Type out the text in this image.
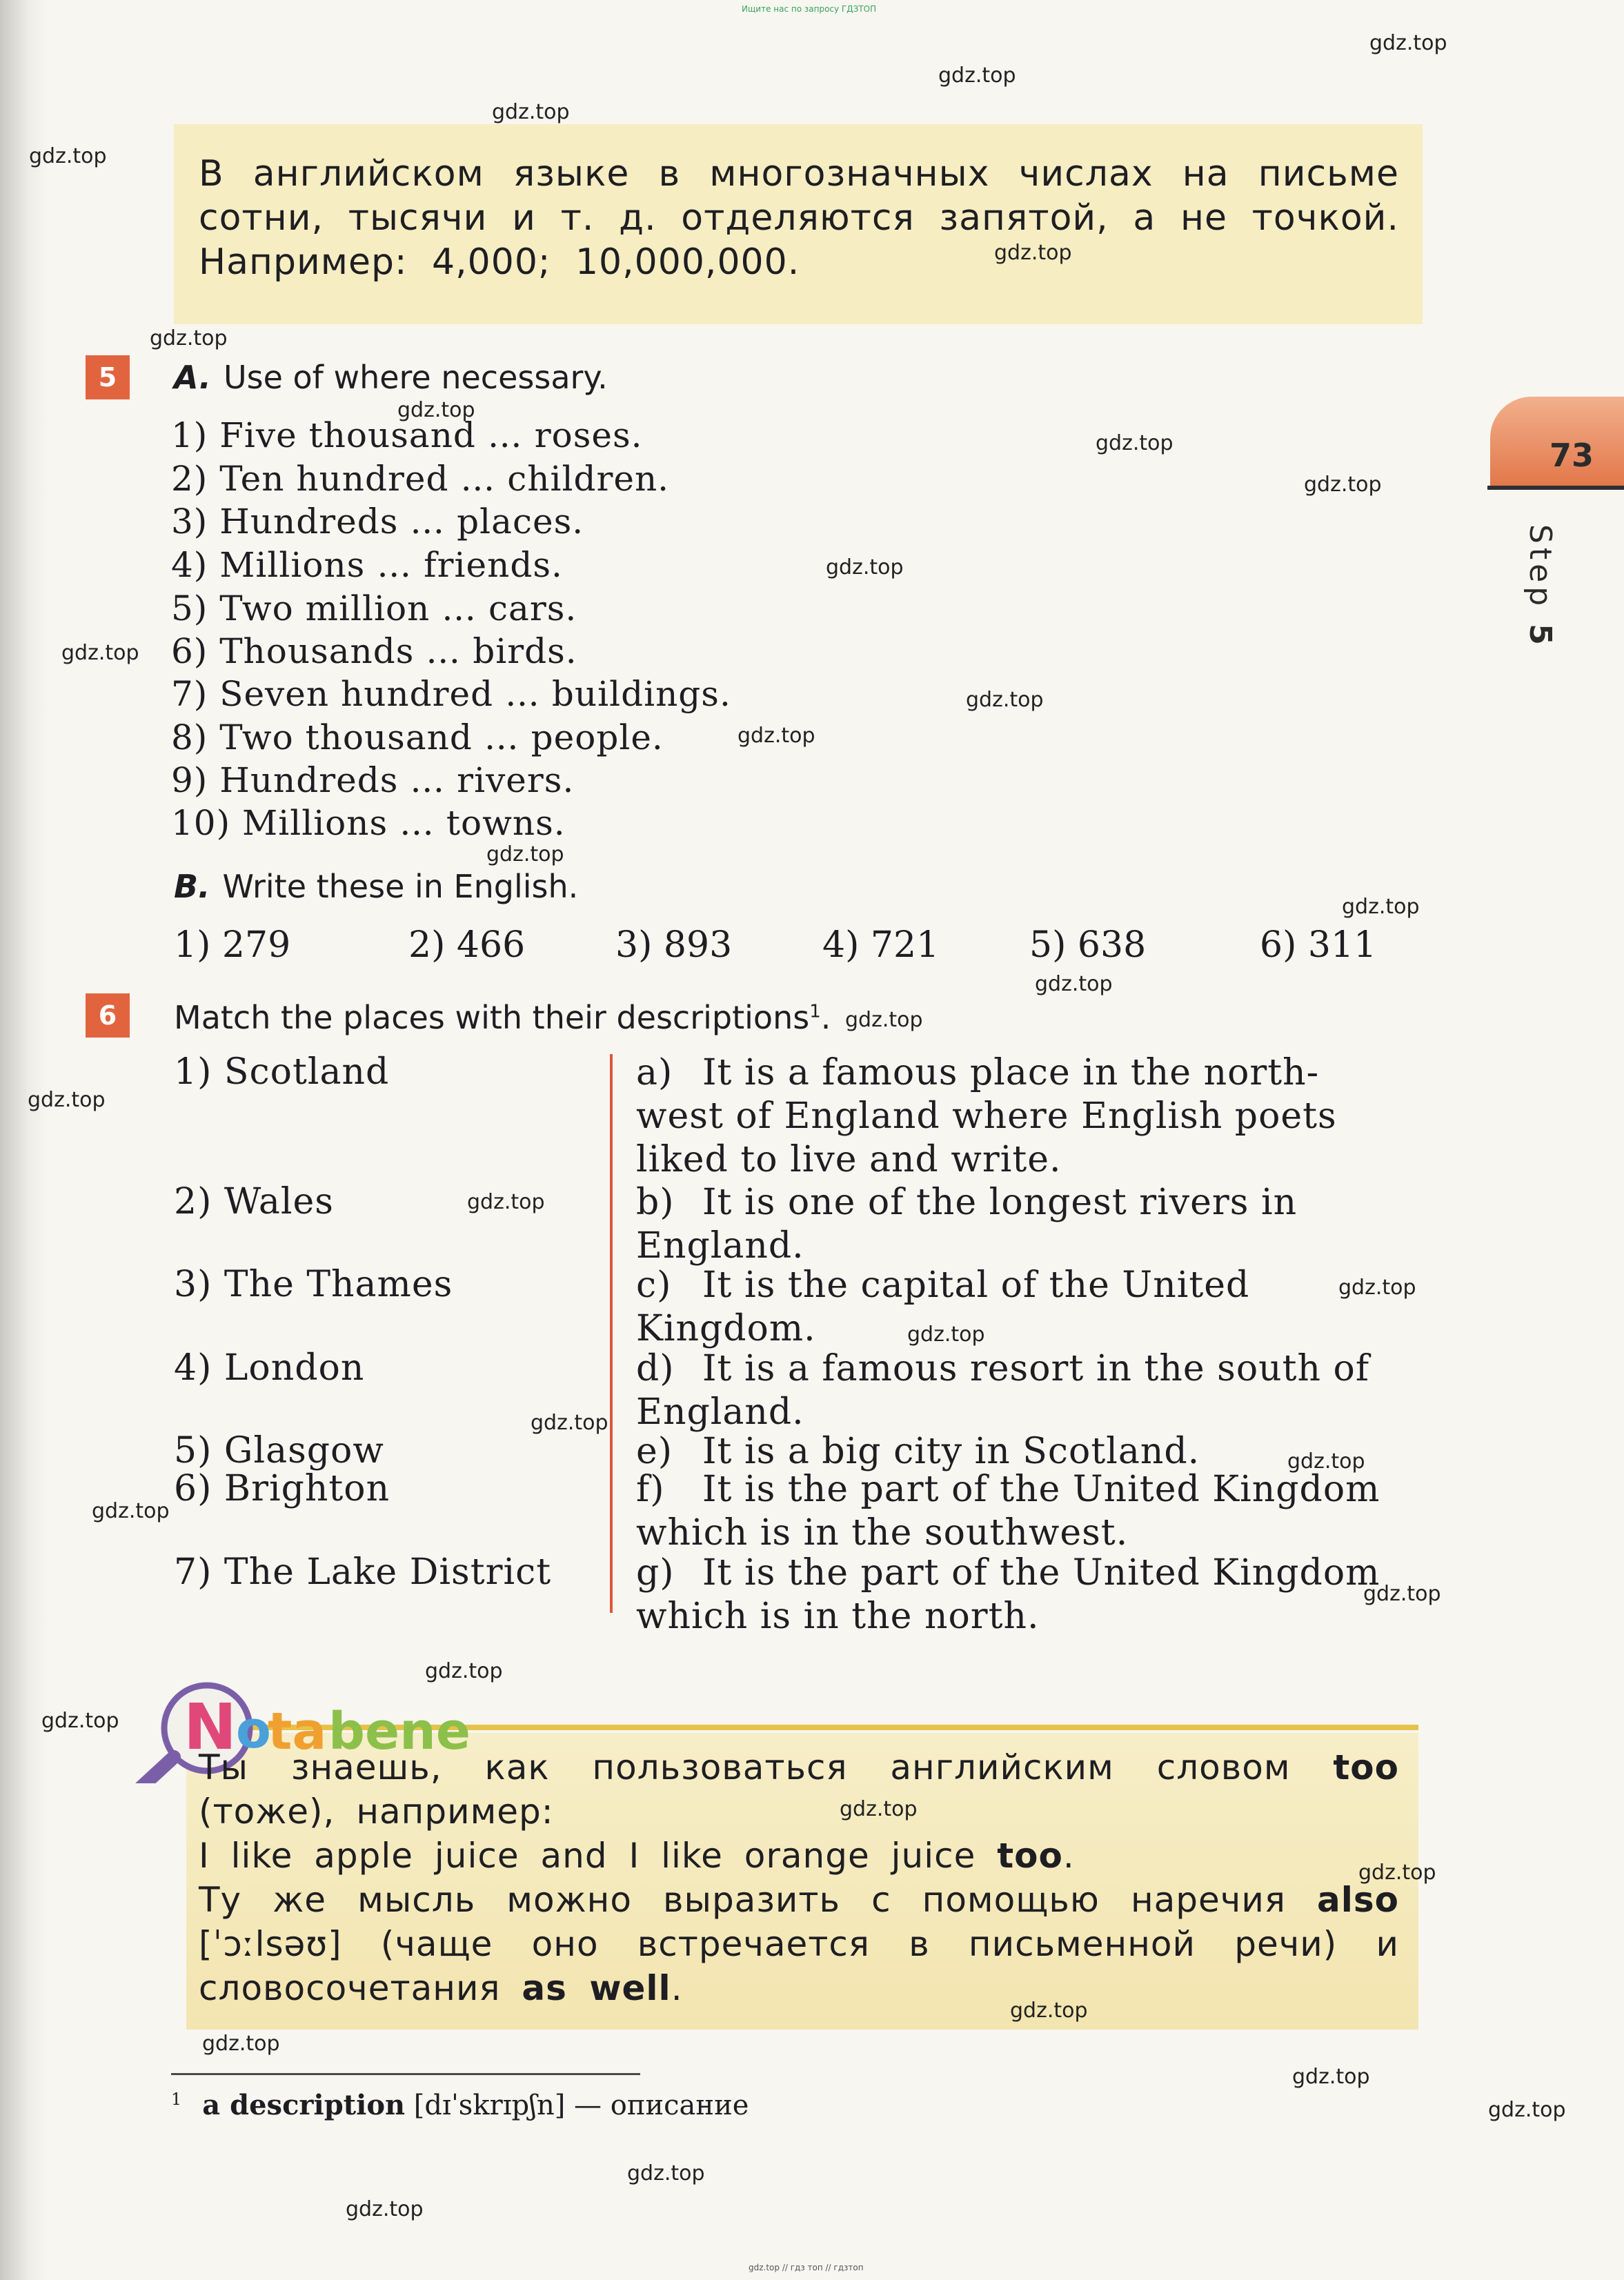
Ищите нас по запросу ГДЗТОП

В английском языке в многозначных числах на письме сотни, тысячи и т. д. отделяются запятой, а не точкой. Например: 4,000; 10,000,000.

73
Step 5
5	A. Use of where necessary.
1) Five thousand … roses.
2) Ten hundred … children.
3) Hundreds … places.
4) Millions … friends.
5) Two million … cars.
6) Thousands … birds.
7) Seven hundred … buildings.
8) Two thousand … people.
9) Hundreds … rivers.
10) Millions … towns.
B. Write these in English.
1) 279	2) 466	3) 893	4) 721	5) 638	6) 311
6	Match the places with their descriptions$^1$.
1) Scotland
2) Wales
3) The Thames
4) London
5) Glasgow
6) Brighton
7) The Lake District
a) It is a famous place in the north-west of England where English poets liked to live and write.
b) It is one of the longest rivers in England.
c) It is the capital of the United Kingdom.
d) It is a famous resort in the south of England.
e) It is a big city in Scotland.
f) It is the part of the United Kingdom which is in the southwest.
g) It is the part of the United Kingdom which is in the north.
N o
ta bene

Ты знаешь, как пользоваться английским словом too (тоже), например:

I like apple juice and I like orange juice too.

Ту же мысль можно выразить с помощью наречия also [ˈɔːlsəʊ] (чаще оно встречается в письменной речи) и словосочетания as well.

$^1$ a description [dɪˈskrɪpʃn] — описание
gdz.top
gdz.top
gdz.top
gdz.top
gdz.top
gdz.top
gdz.top
gdz.top
gdz.top
gdz.top
gdz.top
gdz.top
gdz.top
gdz.top
gdz.top
gdz.top
gdz.top
gdz.top
gdz.top
gdz.top
gdz.top
gdz.top
gdz.top
gdz.top
gdz.top
gdz.top
gdz.top
gdz.top
gdz.top
gdz.top
gdz.top
gdz.top
gdz.top
gdz.top
gdz.top
gdz.top // гдз топ // гдзтоп
